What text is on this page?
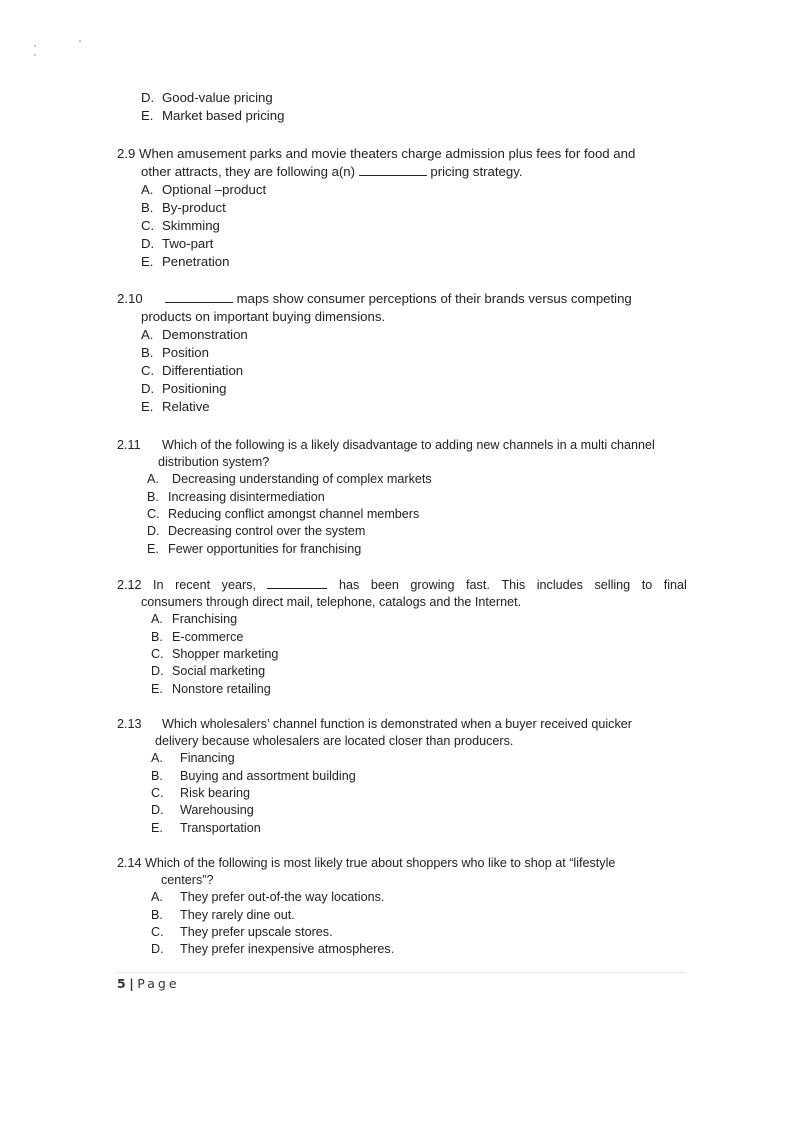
D. Good-value pricing
E. Market based pricing
2.9 When amusement parks and movie theaters charge admission plus fees for food and
other attracts, they are following a(n)	pricing strategy.
A. Optional –product
B. By-product
C. Skimming
D. Two-part
E. Penetration
2.10	maps show consumer perceptions of their brands versus competing
products on important buying dimensions.
A. Demonstration
B. Position
C. Differentiation
D. Positioning
E. Relative
2.11 Which of the following is a likely disadvantage to adding new channels in a multi channel
distribution system?
A. Decreasing understanding of complex markets
B. Increasing disintermediation
C. Reducing conflict amongst channel members
D. Decreasing control over the system
E. Fewer opportunities for franchising
2.12 In recent years,	has been growing fast. This includes selling to final
consumers through direct mail, telephone, catalogs and the Internet.
A. Franchising
B. E-commerce
C. Shopper marketing
D. Social marketing
E. Nonstore retailing
2.13 Which wholesalers’ channel function is demonstrated when a buyer received quicker
delivery because wholesalers are located closer than producers.
A. Financing
B. Buying and assortment building
C. Risk bearing
D. Warehousing
E. Transportation
2.14 Which of the following is most likely true about shoppers who like to shop at “lifestyle
centers”?
A. They prefer out-of-the way locations.
B. They rarely dine out.
C. They prefer upscale stores.
D. They prefer inexpensive atmospheres.
5 | Page
